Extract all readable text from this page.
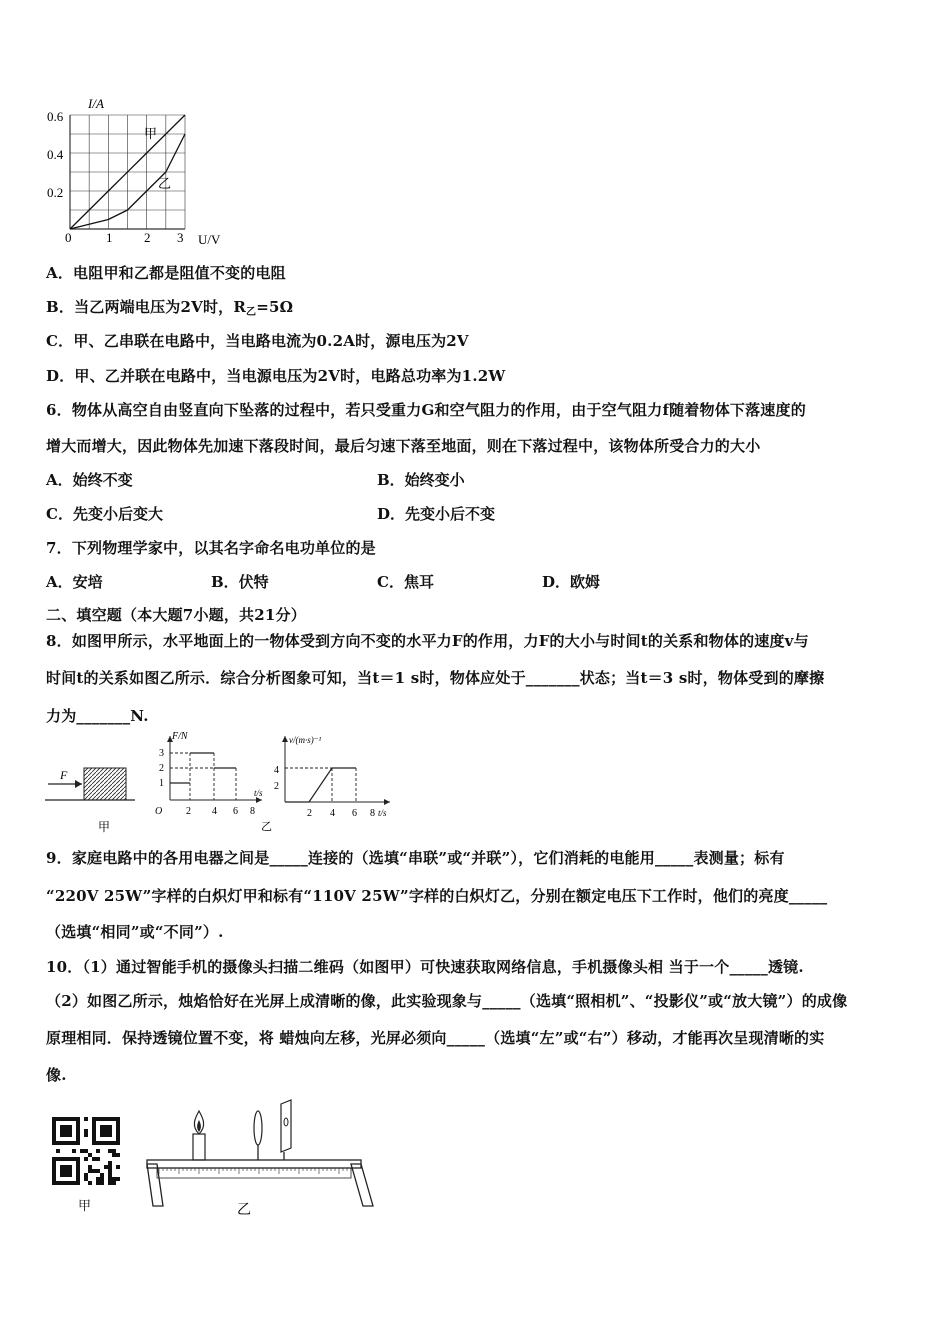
I/A
U/V
0.6
0.4
0.2
0	1 2 3
甲
乙
A．电阻甲和乙都是阻值不变的电阻
B．当乙两端电压为2V时，$R_乙=5\Omega$
C．甲、乙串联在电路中，当电路电流为0.2A时，源电压为2V
D．甲、乙并联在电路中，当电源电压为2V时，电路总功率为1.2W
6．物体从高空自由竖直向下坠落的过程中，若只受重力G和空气阻力的作用，由于空气阻力f随着物体下落速度的
增大而增大，因此物体先加速下落段时间，最后匀速下落至地面，则在下落过程中，该物体所受合力的大小
A．始终不变	B．始终变小
C．先变小后变大	D．先变小后不变
7．下列物理学家中，以其名字命名电功单位的是
A．安培	B．伏特	C．焦耳	D．欧姆
二、填空题（本大题7小题，共21分）
8．如图甲所示，水平地面上的一物体受到方向不变的水平力F的作用，力F的大小与时间t的关系和物体的速度v与
时间t的关系如图乙所示．综合分析图象可知，当t＝1 s时，物体应处于_______状态；当t＝3 s时，物体受到的摩擦
力为_______N.
F
甲
F/N
3
2
1
O 2 4 6 8
t/s
乙
v/(m·s)⁻¹
4
2
2 4 6 8 t/s
9．家庭电路中的各用电器之间是_____连接的（选填“串联”或“并联”），它们消耗的电能用_____表测量；标有
“220V 25W”字样的白炽灯甲和标有“110V 25W”字样的白炽灯乙，分别在额定电压下工作时，他们的亮度_____
（选填“相同”或“不同”）.
10．（1）通过智能手机的摄像头扫描二维码（如图甲）可快速获取网络信息，手机摄像头相 当于一个_____透镜.
（2）如图乙所示，烛焰恰好在光屏上成清晰的像，此实验现象与_____（选填“照相机”、“投影仪”或“放大镜”）的成像
原理相同．保持透镜位置不变，将 蜡烛向左移，光屏必须向_____（选填“左”或“右”）移动，才能再次呈现清晰的实
像.
甲	乙
